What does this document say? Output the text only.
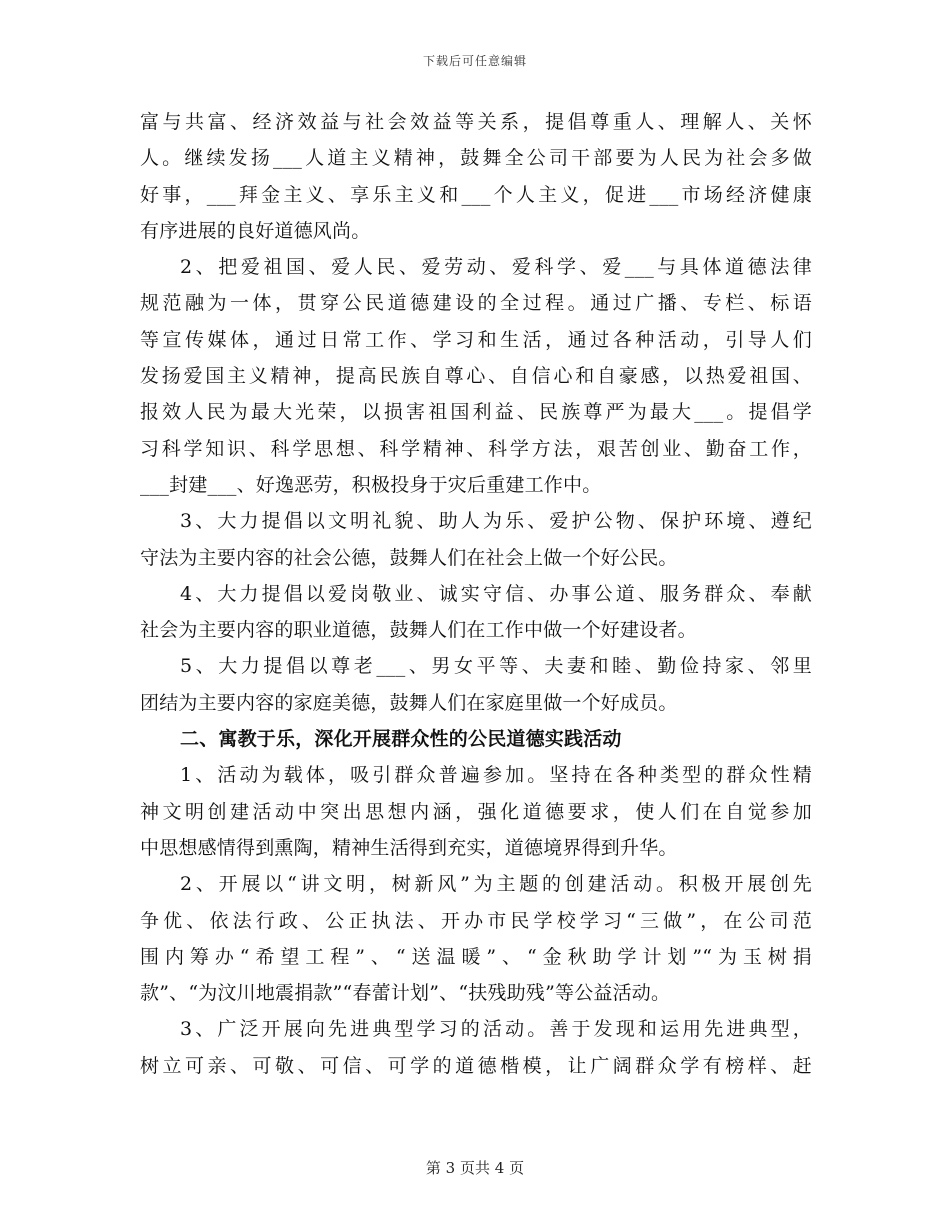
下载后可任意编辑
富与共富、经济效益与社会效益等关系，提倡尊重人、理解人、关怀
人。继续发扬___人道主义精神，鼓舞全公司干部要为人民为社会多做
好事，___拜金主义、享乐主义和___个人主义，促进___市场经济健康
有序进展的良好道德风尚。
2、把爱祖国、爱人民、爱劳动、爱科学、爱___与具体道德法律
规范融为一体，贯穿公民道德建设的全过程。通过广播、专栏、标语
等宣传媒体，通过日常工作、学习和生活，通过各种活动，引导人们
发扬爱国主义精神，提高民族自尊心、自信心和自豪感，以热爱祖国、
报效人民为最大光荣，以损害祖国利益、民族尊严为最大___。提倡学
习科学知识、科学思想、科学精神、科学方法，艰苦创业、勤奋工作，
___封建___、好逸恶劳，积极投身于灾后重建工作中。
3、大力提倡以文明礼貌、助人为乐、爱护公物、保护环境、遵纪
守法为主要内容的社会公德，鼓舞人们在社会上做一个好公民。
4、大力提倡以爱岗敬业、诚实守信、办事公道、服务群众、奉献
社会为主要内容的职业道德，鼓舞人们在工作中做一个好建设者。
5、大力提倡以尊老___、男女平等、夫妻和睦、勤俭持家、邻里
团结为主要内容的家庭美德，鼓舞人们在家庭里做一个好成员。
二、寓教于乐，深化开展群众性的公民道德实践活动
1、活动为载体，吸引群众普遍参加。坚持在各种类型的群众性精
神文明创建活动中突出思想内涵，强化道德要求，使人们在自觉参加
中思想感情得到熏陶，精神生活得到充实，道德境界得到升华。
2、开展以“讲文明，树新风”为主题的创建活动。积极开展创先
争优、依法行政、公正执法、开办市民学校学习“三做”，在公司范
围内筹办“希望工程”、“送温暖”、“金秋助学计划”“为玉树捐
款”、“为汶川地震捐款”“春蕾计划”、“扶残助残”等公益活动。
3、广泛开展向先进典型学习的活动。善于发现和运用先进典型，
树立可亲、可敬、可信、可学的道德楷模，让广阔群众学有榜样、赶
第 3 页共 4 页
